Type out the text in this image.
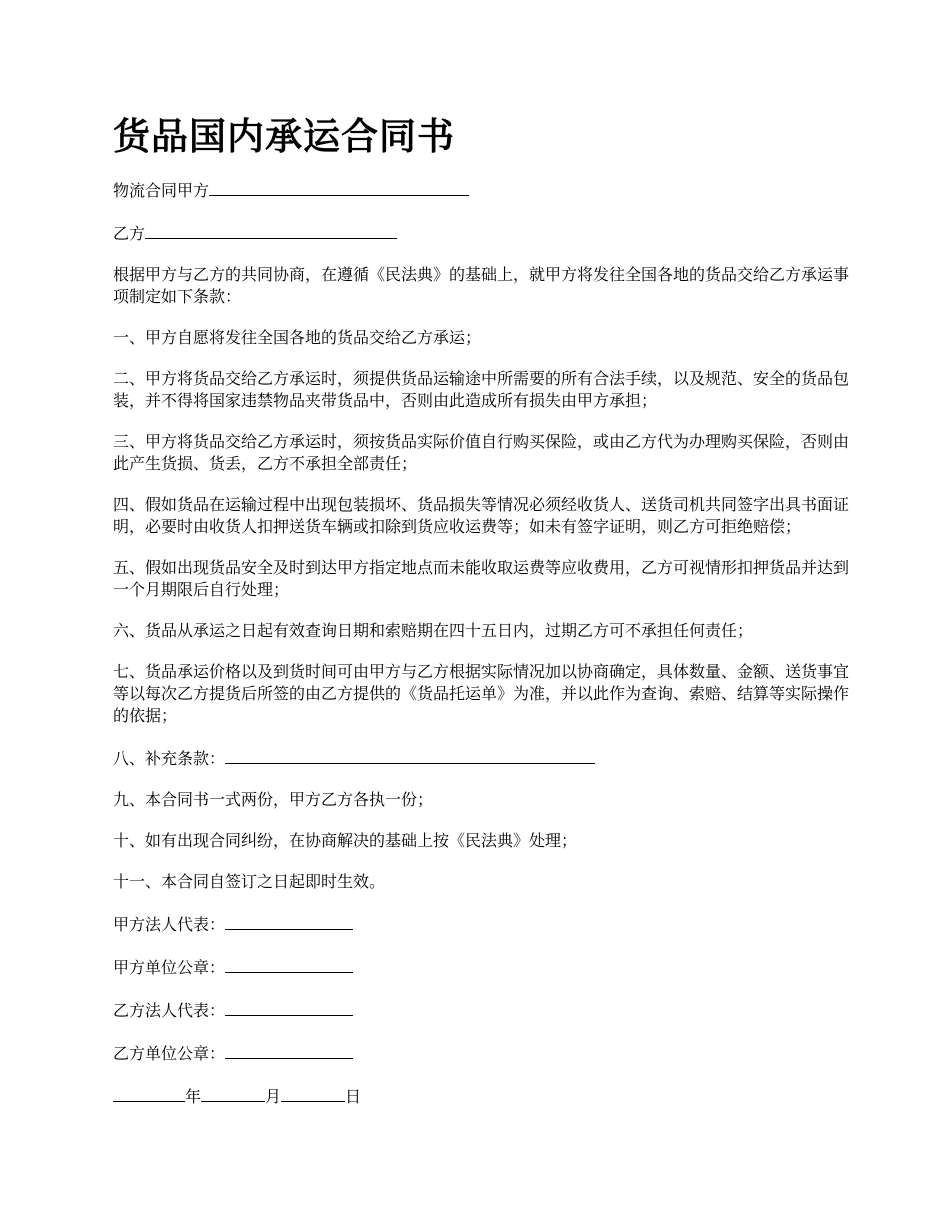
货品国内承运合同书

物流合同甲方

乙方

根据甲方与乙方的共同协商，在遵循《民法典》的基础上，就甲方将发往全国各地的货品交给乙方承运事项制定如下条款：

一、甲方自愿将发往全国各地的货品交给乙方承运；

二、甲方将货品交给乙方承运时，须提供货品运输途中所需要的所有合法手续，以及规范、安全的货品包装，并不得将国家违禁物品夹带货品中，否则由此造成所有损失由甲方承担；

三、甲方将货品交给乙方承运时，须按货品实际价值自行购买保险，或由乙方代为办理购买保险，否则由此产生货损、货丢，乙方不承担全部责任；

四、假如货品在运输过程中出现包装损坏、货品损失等情况必须经收货人、送货司机共同签字出具书面证明，必要时由收货人扣押送货车辆或扣除到货应收运费等；如未有签字证明，则乙方可拒绝赔偿；

五、假如出现货品安全及时到达甲方指定地点而未能收取运费等应收费用，乙方可视情形扣押货品并达到一个月期限后自行处理；

六、货品从承运之日起有效查询日期和索赔期在四十五日内，过期乙方可不承担任何责任；

七、货品承运价格以及到货时间可由甲方与乙方根据实际情况加以协商确定，具体数量、金额、送货事宜等以每次乙方提货后所签的由乙方提供的《货品托运单》为准，并以此作为查询、索赔、结算等实际操作的依据；

八、补充条款：

九、本合同书一式两份，甲方乙方各执一份；

十、如有出现合同纠纷，在协商解决的基础上按《民法典》处理；

十一、本合同自签订之日起即时生效。

甲方法人代表：

甲方单位公章：

乙方法人代表：

乙方单位公章：

年	月	日
